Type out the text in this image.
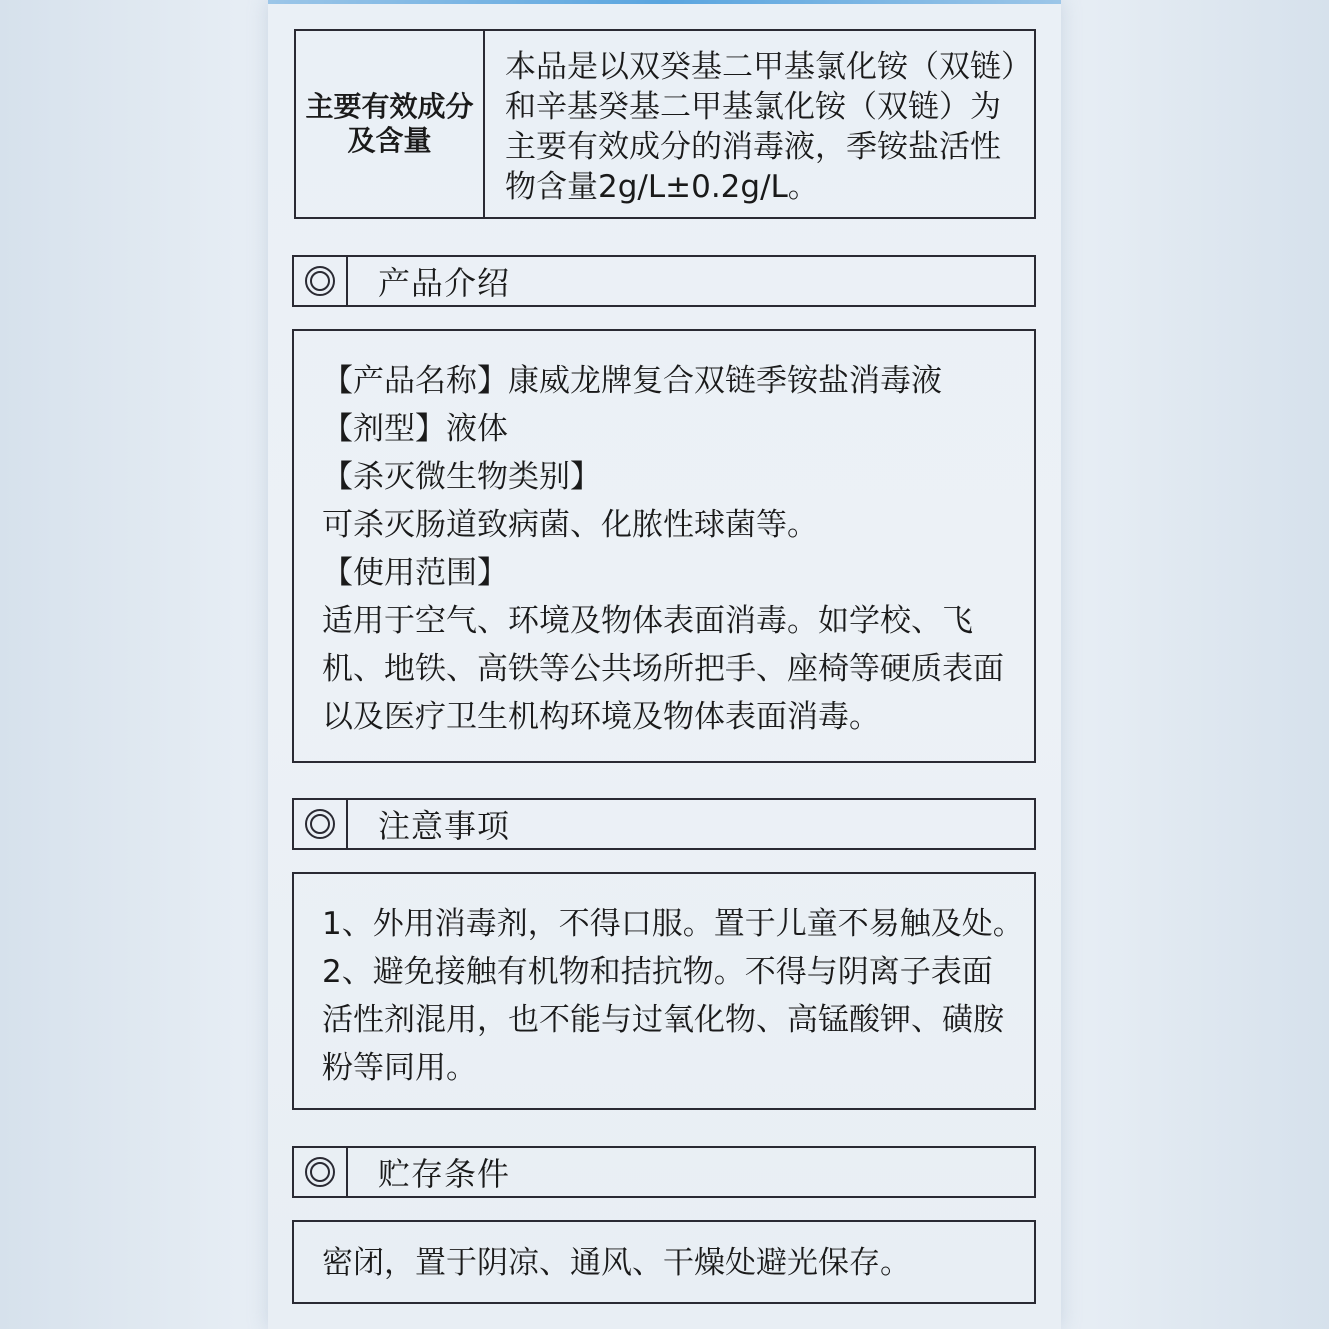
主要有效成分及含量
本品是以双癸基二甲基氯化铵（双链）和辛基癸基二甲基氯化铵（双链）为主要有效成分的消毒液，季铵盐活性物含量2g/L±0.2g/L。
产品介绍
【产品名称】康威龙牌复合双链季铵盐消毒液
【剂型】液体
【杀灭微生物类别】
可杀灭肠道致病菌、化脓性球菌等。
【使用范围】
适用于空气、环境及物体表面消毒。如学校、飞
机、地铁、高铁等公共场所把手、座椅等硬质表面
以及医疗卫生机构环境及物体表面消毒。
注意事项
1、外用消毒剂，不得口服。置于儿童不易触及处。
2、避免接触有机物和拮抗物。不得与阴离子表面
活性剂混用，也不能与过氧化物、高锰酸钾、磺胺
粉等同用。
贮存条件
密闭，置于阴凉、通风、干燥处避光保存。
